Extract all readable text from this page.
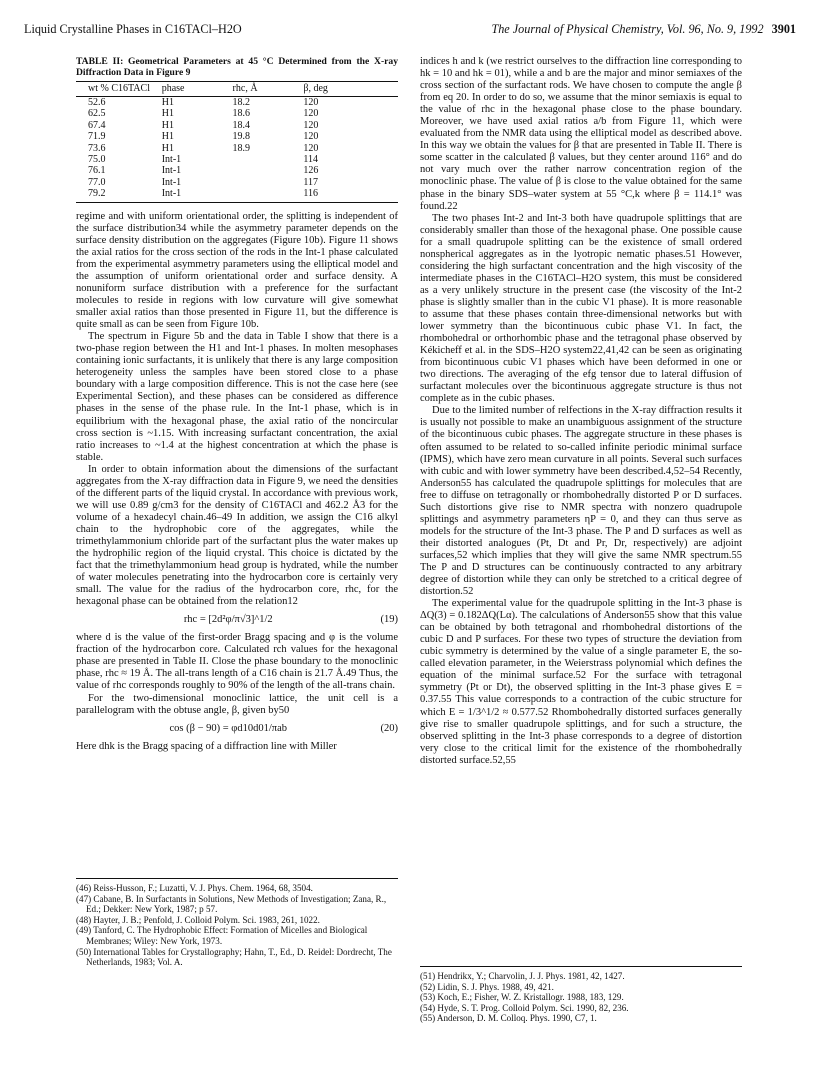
Liquid Crystalline Phases in C16TACl–H2O	The Journal of Physical Chemistry, Vol. 96, No. 9, 1992 3901

TABLE II: Geometrical Parameters at 45 °C Determined from the X-ray Diffraction Data in Figure 9

wt % C16TACl	phase	rhc, Å	β, deg
52.6	H1	18.2	120
62.5	H1	18.6	120
67.4	H1	18.4	120
71.9	H1	19.8	120
73.6	H1	18.9	120
75.0	Int-1		114
76.1	Int-1		126
77.0	Int-1		117
79.2	Int-1		116

regime and with uniform orientational order, the splitting is independent of the surface distribution34 while the asymmetry parameter depends on the surface density distribution on the aggregates (Figure 10b). Figure 11 shows the axial ratios for the cross section of the rods in the Int-1 phase calculated from the experimental asymmetry parameters using the elliptical model and the assumption of uniform orientational order and surface density. A nonuniform surface distribution with a preference for the surfactant molecules to reside in regions with low curvature will give somewhat smaller axial ratios than those presented in Figure 11, but the difference is quite small as can be seen from Figure 10b.

The spectrum in Figure 5b and the data in Table I show that there is a two-phase region between the H1 and Int-1 phases. In molten mesophases containing ionic surfactants, it is unlikely that there is any large composition heterogeneity unless the samples have been stored close to a phase boundary with a large composition difference. This is not the case here (see Experimental Section), and these phases can be considered as difference phases in the sense of the phase rule. In the Int-1 phase, which is in equilibrium with the hexagonal phase, the axial ratio of the noncircular cross section is ~1.15. With increasing surfactant concentration, the axial ratio increases to ~1.4 at the highest concentration at which the phase is stable.

In order to obtain information about the dimensions of the surfactant aggregates from the X-ray diffraction data in Figure 9, we need the densities of the different parts of the liquid crystal. In accordance with previous work, we will use 0.89 g/cm3 for the density of C16TACl and 462.2 Å3 for the volume of a hexadecyl chain.46–49 In addition, we assign the C16 alkyl chain to the hydrophobic core of the aggregates, while the trimethylammonium chloride part of the surfactant plus the water makes up the hydrophilic region of the liquid crystal. This choice is dictated by the fact that the trimethylammonium head group is hydrated, while the number of water molecules penetrating into the hydrocarbon core is certainly very small. The value for the radius of the hydrocarbon core, rhc, for the hexagonal phase can be obtained from the relation12

rhc = [2d²φ/π√3]^1/2	(19)

where d is the value of the first-order Bragg spacing and φ is the volume fraction of the hydrocarbon core. Calculated rch values for the hexagonal phase are presented in Table II. Close the phase boundary to the monoclinic phase, rhc ≈ 19 Å. The all-trans length of a C16 chain is 21.7 Å.49 Thus, the value of rhc corresponds roughly to 90% of the length of the all-trans chain.

For the two-dimensional monoclinic lattice, the unit cell is a parallelogram with the obtuse angle, β, given by50

cos (β − 90) = φd10d01/πab	(20)

Here dhk is the Bragg spacing of a diffraction line with Miller

indices h and k (we restrict ourselves to the diffraction line corresponding to hk = 10 and hk = 01), while a and b are the major and minor semiaxes of the cross section of the surfactant rods. We have chosen to compute the angle β from eq 20. In order to do so, we assume that the minor semiaxis is equal to the value of rhc in the hexagonal phase close to the phase boundary. Moreover, we have used axial ratios a/b from Figure 11, which were evaluated from the NMR data using the elliptical model as described above. In this way we obtain the values for β that are presented in Table II. There is some scatter in the calculated β values, but they center around 116° and do not vary much over the rather narrow concentration region of the monoclinic phase. The value of β is close to the value obtained for the same phase in the binary SDS–water system at 55 °C,k where β = 114.1° was found.22

The two phases Int-2 and Int-3 both have quadrupole splittings that are considerably smaller than those of the hexagonal phase. One possible cause for a small quadrupole splitting can be the existence of small ordered nonspherical aggregates as in the lyotropic nematic phases.51 However, considering the high surfactant concentration and the high viscosity of the intermediate phases in the C16TACl–H2O system, this must be considered as a very unlikely structure in the present case (the viscosity of the Int-2 phase is slightly smaller than in the cubic V1 phase). It is more reasonable to assume that these phases contain three-dimensional networks but with lower symmetry than the bicontinuous cubic phase V1. In fact, the rhombohedral or orthorhombic phase and the tetragonal phase observed by Kékicheff et al. in the SDS–H2O system22,41,42 can be seen as originating from bicontinuous cubic V1 phases which have been deformed in one or two directions. The averaging of the efg tensor due to lateral diffusion of surfactant molecules over the bicontinuous aggregate structure is thus not complete as in the cubic phases.

Due to the limited number of relfections in the X-ray diffraction results it is usually not possible to make an unambiguous assignment of the structure of the bicontinuous cubic phases. The aggregate structure in these phases is often assumed to be related to so-called infinite periodic minimal surface (IPMS), which have zero mean curvature in all points. Several such surfaces with cubic and with lower symmetry have been described.4,52–54 Recently, Anderson55 has calculated the quadrupole splittings for molecules that are free to diffuse on tetragonally or rhombohedrally distorted P or D surfaces. Such distortions give rise to NMR spectra with nonzero quadrupole splittings and asymmetry parameters ηP = 0, and they can thus serve as models for the structure of the Int-3 phase. The P and D surfaces as well as their distorted analogues (Pt, Dt and Pr, Dr, respectively) are adjoint surfaces,52 which implies that they will give the same NMR spectrum.55 The P and D structures can be continuously contracted to any arbitrary degree of distortion while they can only be stretched to a critical degree of distortion.52

The experimental value for the quadrupole splitting in the Int-3 phase is ΔQ(3) = 0.182ΔQ(Lα). The calculations of Anderson55 show that this value can be obtained by both tetragonal and rhombohedral distortions of the cubic D and P surfaces. For these two types of structure the deviation from cubic symmetry is determined by the value of a single parameter E, the so-called elevation parameter, in the Weierstrass polynomial which defines the equation of the minimal surface.52 For the surface with tetragonal symmetry (Pt or Dt), the observed splitting in the Int-3 phase gives E = 0.37.55 This value corresponds to a contraction of the cubic structure for which E = 1/3^1/2 ≈ 0.577.52 Rhombohedrally distorted surfaces generally give rise to smaller quadrupole splittings, and for such a structure, the observed splitting in the Int-3 phase corresponds to a degree of distortion very close to the critical limit for the existence of the rhombohedrally distorted surface.52,55

(46) Reiss-Husson, F.; Luzatti, V. J. Phys. Chem. 1964, 68, 3504.
(47) Cabane, B. In Surfactants in Solutions, New Methods of Investigation; Zana, R., Ed.; Dekker: New York, 1987; p 57.
(48) Hayter, J. B.; Penfold, J. Colloid Polym. Sci. 1983, 261, 1022.
(49) Tanford, C. The Hydrophobic Effect: Formation of Micelles and Biological Membranes; Wiley: New York, 1973.
(50) International Tables for Crystallography; Hahn, T., Ed., D. Reidel: Dordrecht, The Netherlands, 1983; Vol. A.
(51) Hendrikx, Y.; Charvolin, J. J. Phys. 1981, 42, 1427.
(52) Lidin, S. J. Phys. 1988, 49, 421.
(53) Koch, E.; Fisher, W. Z. Kristallogr. 1988, 183, 129.
(54) Hyde, S. T. Prog. Colloid Polym. Sci. 1990, 82, 236.
(55) Anderson, D. M. Colloq. Phys. 1990, C7, 1.
